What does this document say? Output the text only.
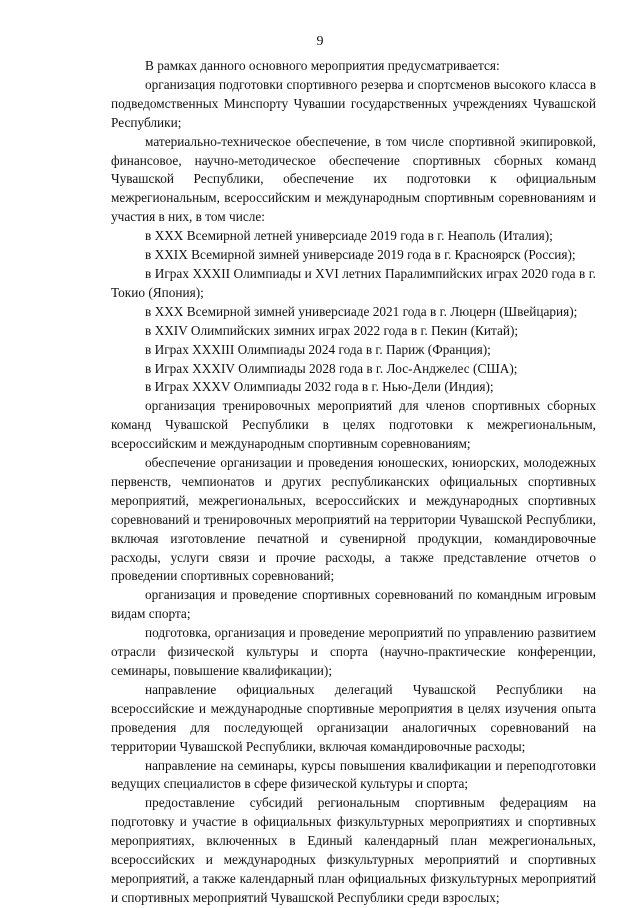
9

В рамках данного основного мероприятия предусматривается:

организация подготовки спортивного резерва и спортсменов высокого класса в подведомственных Минспорту Чувашии государственных учреждениях Чувашской Республики;

материально-техническое обеспечение, в том числе спортивной экипировкой, финансовое, научно-методическое обеспечение спортивных сборных команд Чувашской Республики, обеспечение их подготовки к официальным межрегиональным, всероссийским и международным спортивным соревнованиям и участия в них, в том числе:

в XXX Всемирной летней универсиаде 2019 года в г. Неаполь (Италия);

в XXIX Всемирной зимней универсиаде 2019 года в г. Красноярск (Россия);

в Играх XXXII Олимпиады и XVI летних Паралимпийских играх 2020 года в г. Токио (Япония);

в XXX Всемирной зимней универсиаде 2021 года в г. Люцерн (Швейцария);

в XXIV Олимпийских зимних играх 2022 года в г. Пекин (Китай);

в Играх XXXIII Олимпиады 2024 года в г. Париж (Франция);

в Играх XXXIV Олимпиады 2028 года в г. Лос-Анджелес (США);

в Играх XXXV Олимпиады 2032 года в г. Нью-Дели (Индия);

организация тренировочных мероприятий для членов спортивных сборных команд Чувашской Республики в целях подготовки к межрегиональным, всероссийским и международным спортивным соревнованиям;

обеспечение организации и проведения юношеских, юниорских, молодежных первенств, чемпионатов и других республиканских официальных спортивных мероприятий, межрегиональных, всероссийских и международных спортивных соревнований и тренировочных мероприятий на территории Чувашской Республики, включая изготовление печатной и сувенирной продукции, командировочные расходы, услуги связи и прочие расходы, а также представление отчетов о проведении спортивных соревнований;

организация и проведение спортивных соревнований по командным игровым видам спорта;

подготовка, организация и проведение мероприятий по управлению развитием отрасли физической культуры и спорта (научно-практические конференции, семинары, повышение квалификации);

направление официальных делегаций Чувашской Республики на всероссийские и международные спортивные мероприятия в целях изучения опыта проведения для последующей организации аналогичных соревнований на территории Чувашской Республики, включая командировочные расходы;

направление на семинары, курсы повышения квалификации и переподготовки ведущих специалистов в сфере физической культуры и спорта;

предоставление субсидий региональным спортивным федерациям на подготовку и участие в официальных физкультурных мероприятиях и спортивных мероприятиях, включенных в Единый календарный план межрегиональных, всероссийских и международных физкультурных мероприятий и спортивных мероприятий, а также календарный план официальных физкультурных мероприятий и спортивных мероприятий Чувашской Республики среди взрослых;
